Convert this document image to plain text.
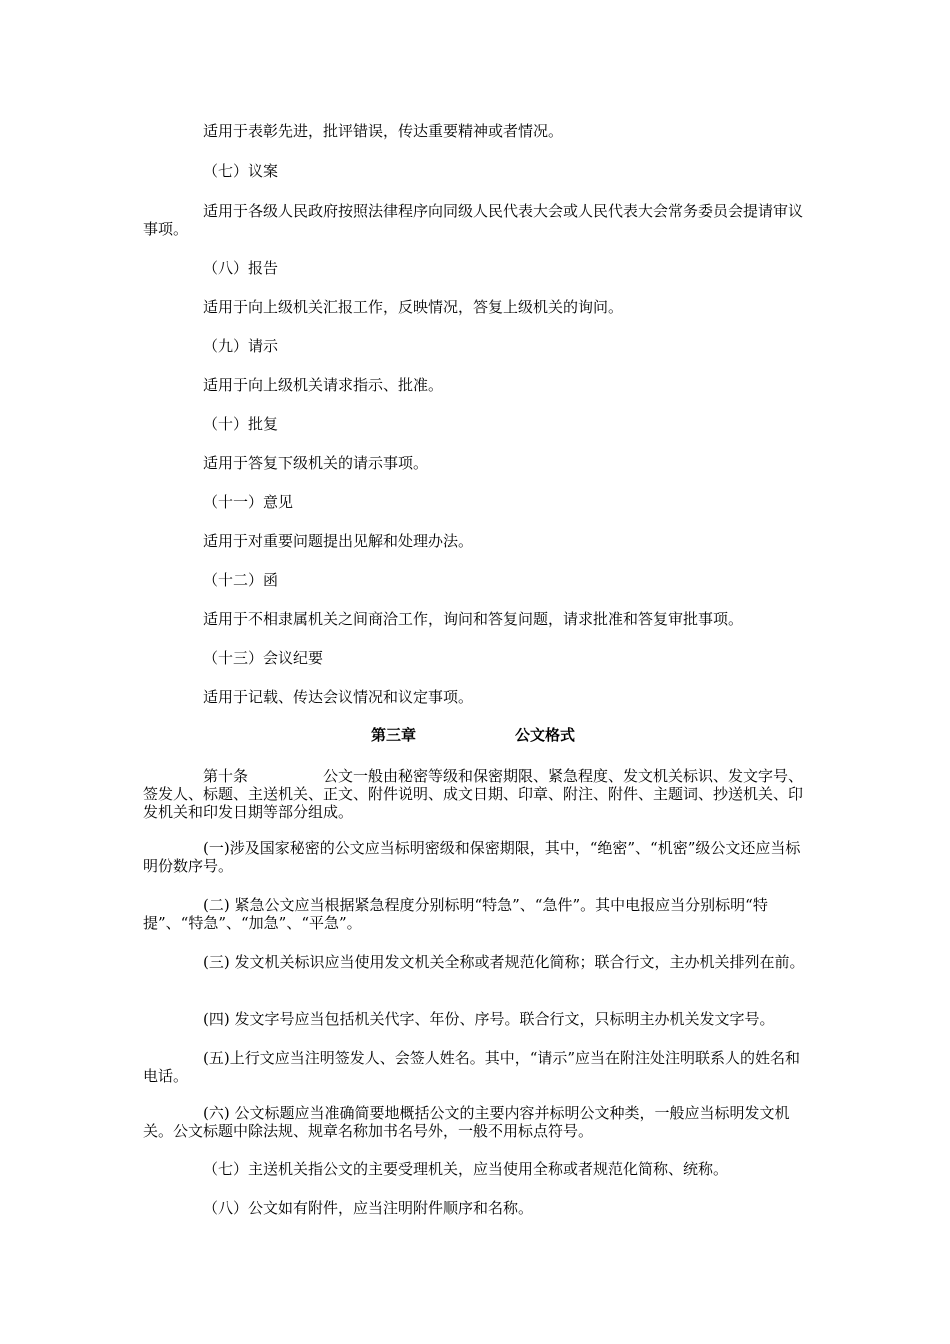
适用于表彰先进，批评错误，传达重要精神或者情况。
（七）议案
适用于各级人民政府按照法律程序向同级人民代表大会或人民代表大会常务委员会提请审议事项。
（八）报告
适用于向上级机关汇报工作，反映情况，答复上级机关的询问。
（九）请示
适用于向上级机关请求指示、批准。
（十）批复
适用于答复下级机关的请示事项。
（十一）意见
适用于对重要问题提出见解和处理办法。
（十二）函
适用于不相隶属机关之间商洽工作，询问和答复问题，请求批准和答复审批事项。
（十三）会议纪要
适用于记载、传达会议情况和议定事项。
第三章	公文格式
第十条	公文一般由秘密等级和保密期限、紧急程度、发文机关标识、发文字号、签发人、标题、主送机关、正文、附件说明、成文日期、印章、附注、附件、主题词、抄送机关、印发机关和印发日期等部分组成。
(一)涉及国家秘密的公文应当标明密级和保密期限，其中，“绝密”、“机密”级公文还应当标明份数序号。
(二) 紧急公文应当根据紧急程度分别标明“特急”、“急件”。其中电报应当分别标明“特提”、“特急”、“加急”、“平急”。
(三) 发文机关标识应当使用发文机关全称或者规范化简称；联合行文，主办机关排列在前。
(四) 发文字号应当包括机关代字、年份、序号。联合行文，只标明主办机关发文字号。
(五)上行文应当注明签发人、会签人姓名。其中，“请示”应当在附注处注明联系人的姓名和电话。
(六) 公文标题应当准确简要地概括公文的主要内容并标明公文种类，一般应当标明发文机关。公文标题中除法规、规章名称加书名号外，一般不用标点符号。
（七）主送机关指公文的主要受理机关，应当使用全称或者规范化简称、统称。
（八）公文如有附件，应当注明附件顺序和名称。
